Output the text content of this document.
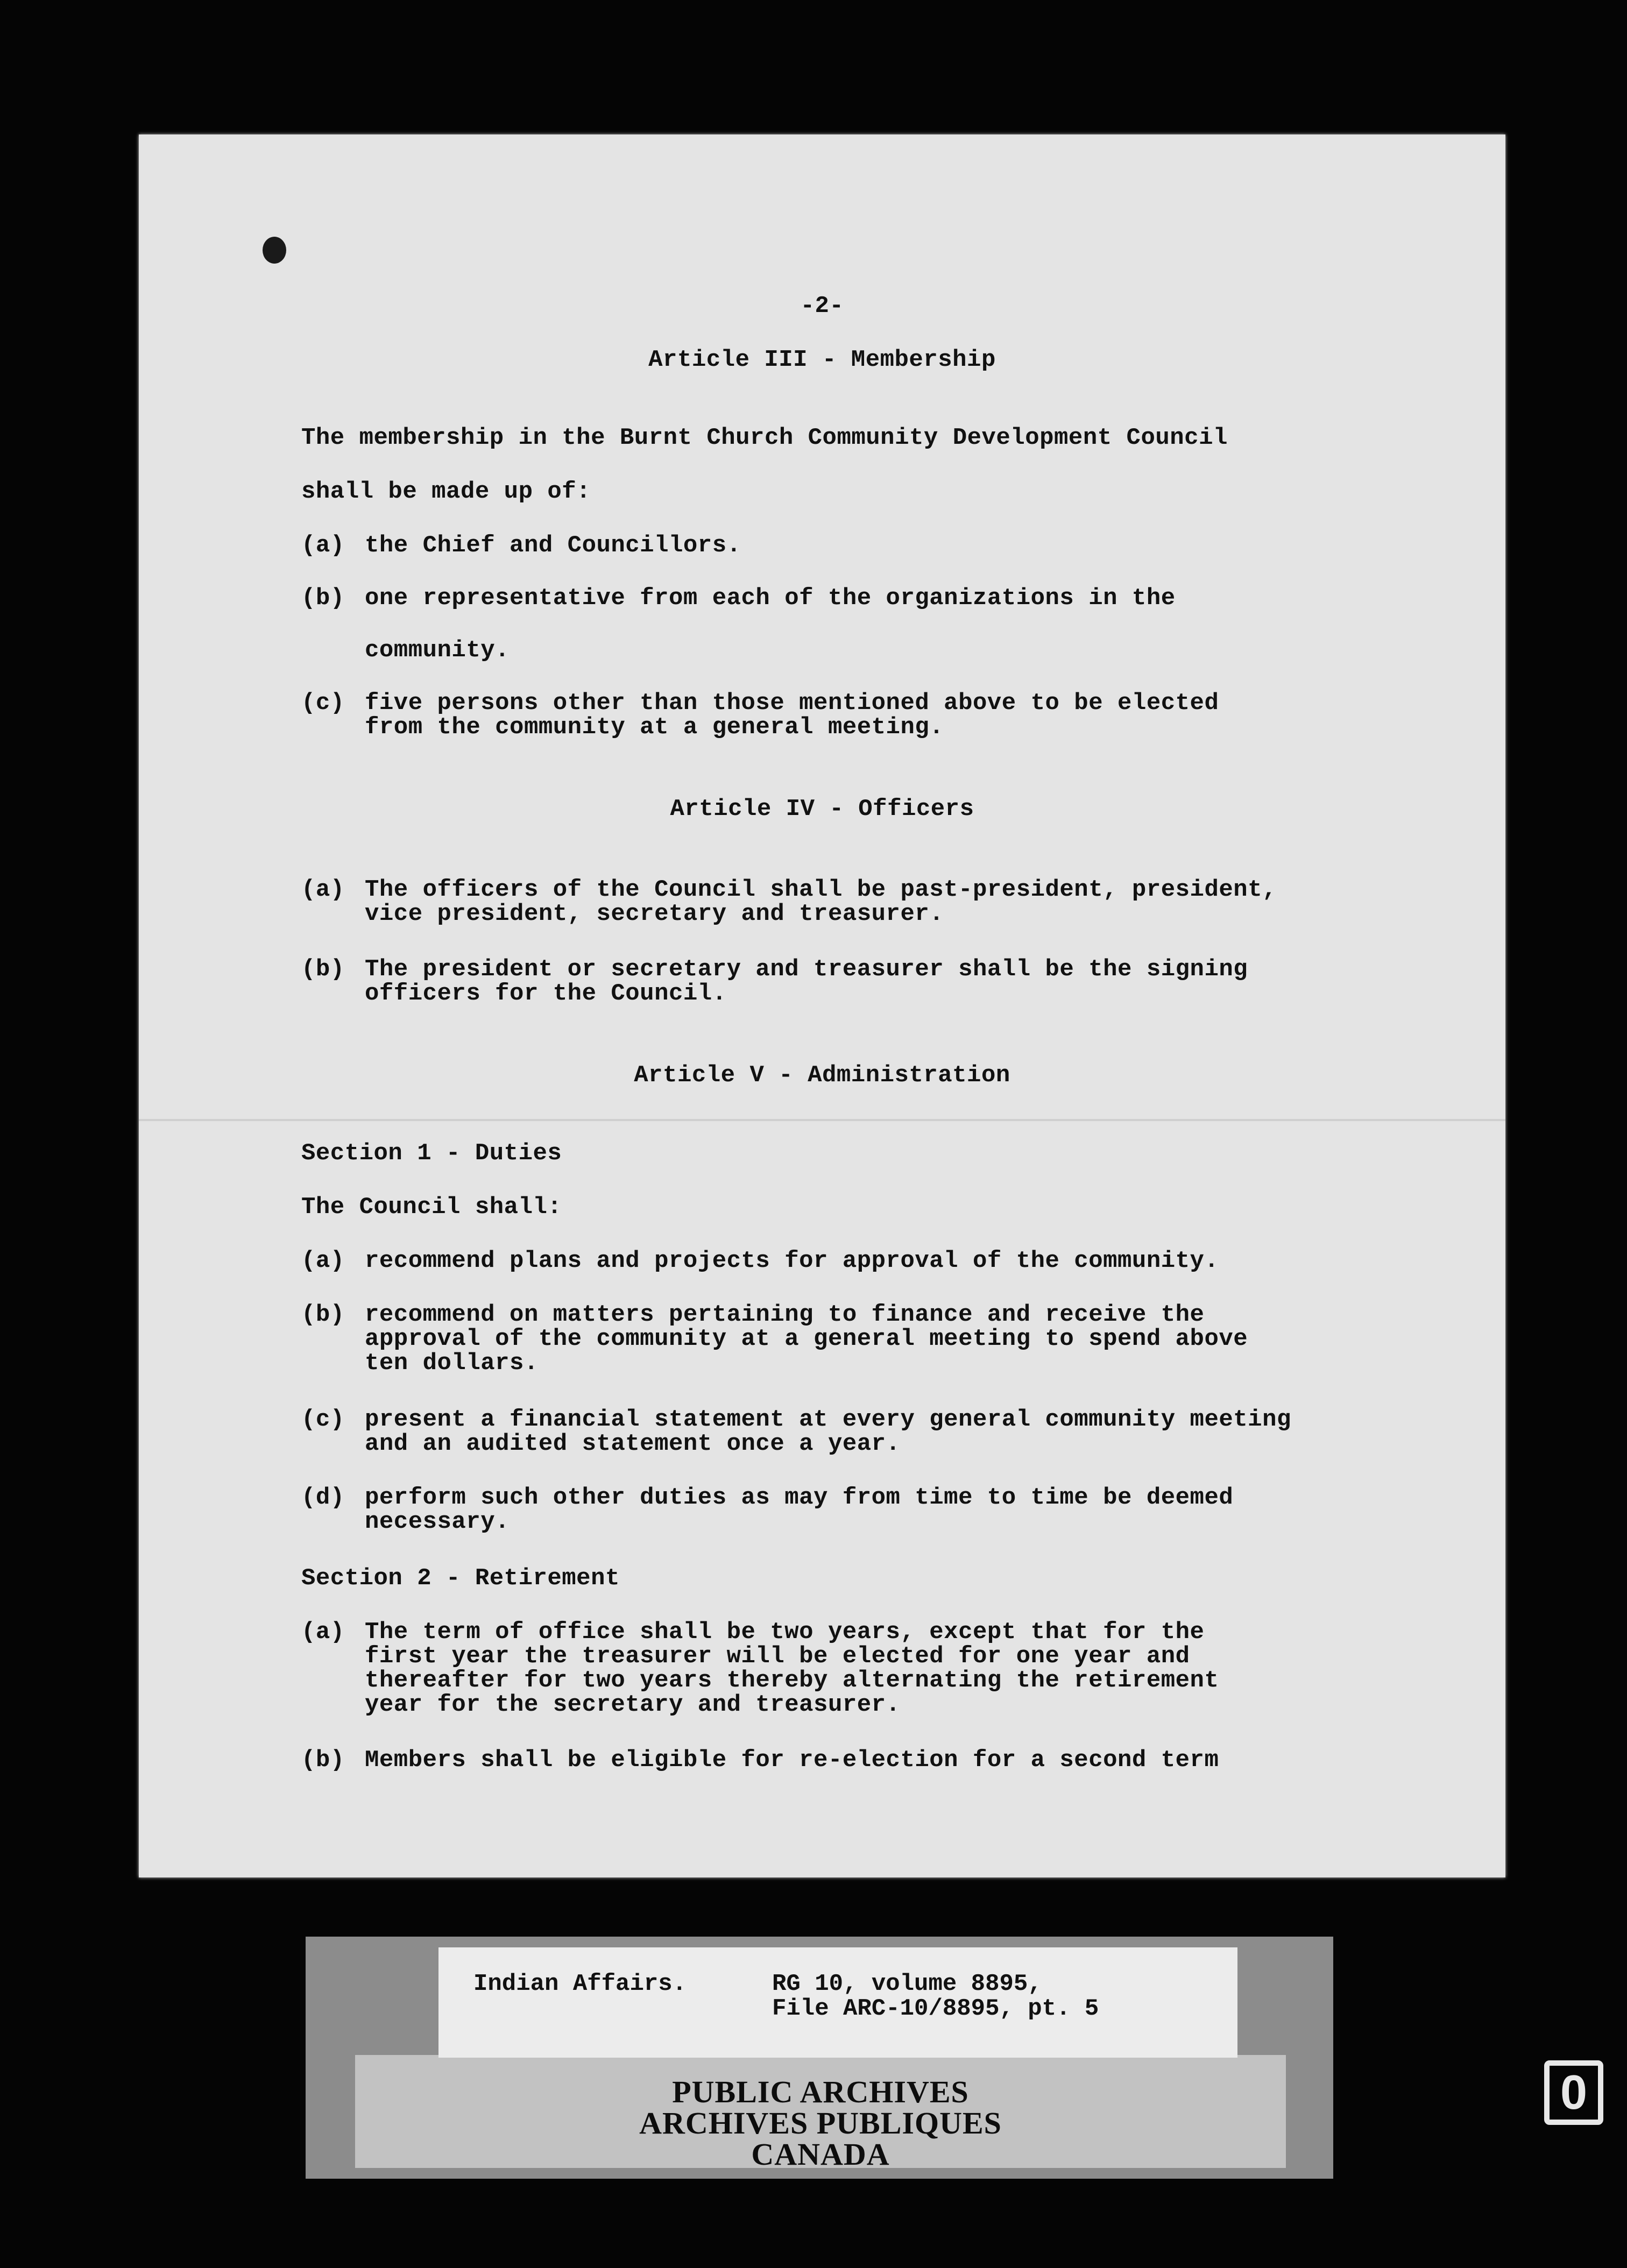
-2-
Article III - Membership
The membership in the Burnt Church Community Development Council
shall be made up of:
(a) the Chief and Councillors.
(b) one representative from each of the organizations in the
community.
(c) five persons other than those mentioned above to be elected
from the community at a general meeting.
Article IV - Officers
(a) The officers of the Council shall be past-president, president,
vice president, secretary and treasurer.
(b) The president or secretary and treasurer shall be the signing
officers for the Council.
Article V - Administration
Section 1 - Duties
The Council shall:
(a) recommend plans and projects for approval of the community.
(b) recommend on matters pertaining to finance and receive the
approval of the community at a general meeting to spend above
ten dollars.
(c) present a financial statement at every general community meeting
and an audited statement once a year.
(d) perform such other duties as may from time to time be deemed
necessary.
Section 2 - Retirement
(a) The term of office shall be two years, except that for the
first year the treasurer will be elected for one year and
thereafter for two years thereby alternating the retirement
year for the secretary and treasurer.
(b) Members shall be eligible for re-election for a second term
Indian Affairs.	RG 10, volume 8895,
File ARC-10/8895, pt. 5
PUBLIC ARCHIVES
ARCHIVES PUBLIQUES
CANADA
0
